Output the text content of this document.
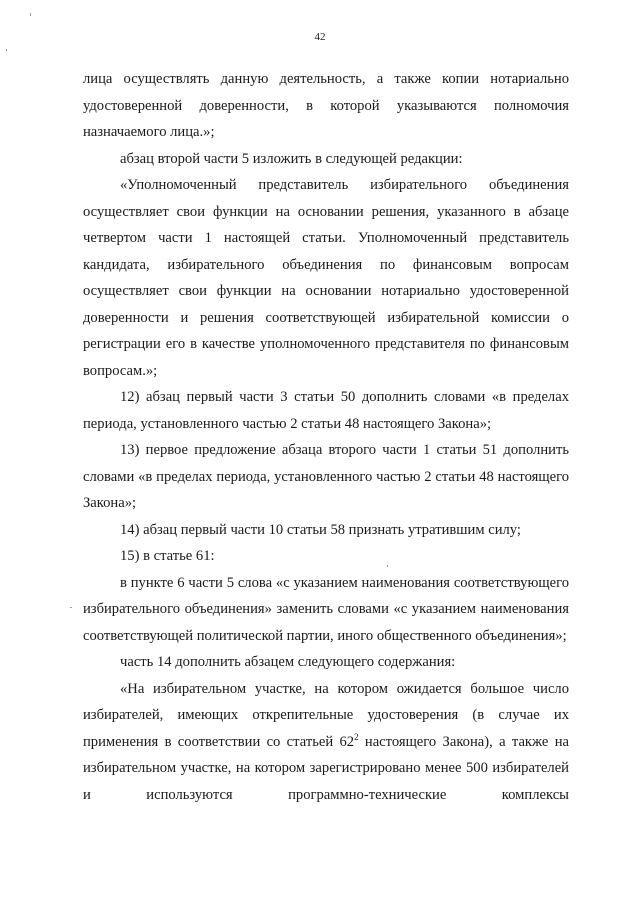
42

лица осуществлять данную деятельность, а также копии нотариально удостоверенной доверенности, в которой указываются полномочия назначаемого лица.»;

абзац второй части 5 изложить в следующей редакции:

«Уполномоченный представитель избирательного объединения осуществляет свои функции на основании решения, указанного в абзаце четвертом части 1 настоящей статьи. Уполномоченный представитель кандидата, избирательного объединения по финансовым вопросам осуществляет свои функции на основании нотариально удостоверенной доверенности и решения соответствующей избирательной комиссии о регистрации его в качестве уполномоченного представителя по финансовым вопросам.»;

12) абзац первый части 3 статьи 50 дополнить словами «в пределах периода, установленного частью 2 статьи 48 настоящего Закона»;

13) первое предложение абзаца второго части 1 статьи 51 дополнить словами «в пределах периода, установленного частью 2 статьи 48 настоящего Закона»;

14) абзац первый части 10 статьи 58 признать утратившим силу;

15) в статье 61:

в пункте 6 части 5 слова «с указанием наименования соответствующего избирательного объединения» заменить словами «с указанием наименования соответствующей политической партии, иного общественного объединения»;

часть 14 дополнить абзацем следующего содержания:

«На избирательном участке, на котором ожидается большое число избирателей, имеющих открепительные удостоверения (в случае их применения в соответствии со статьей $62^2$ настоящего Закона), а также на избирательном участке, на котором зарегистрировано менее 500 избирателей и используются программно-технические комплексы
